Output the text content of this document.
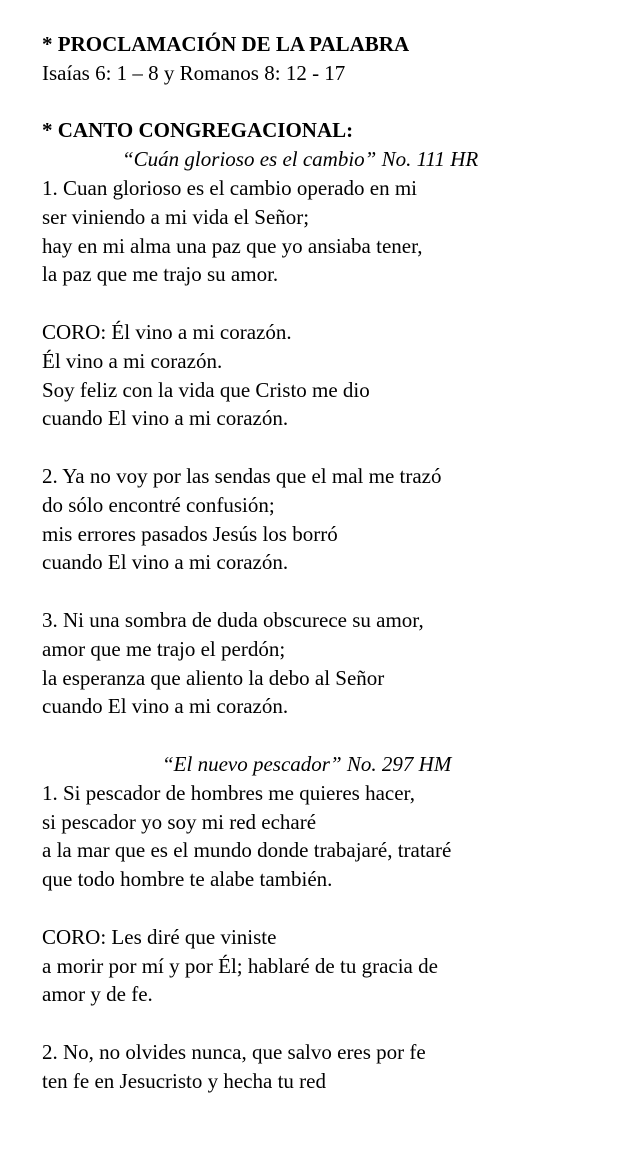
* PROCLAMACIÓN DE LA PALABRA
Isaías 6: 1 – 8 y Romanos 8: 12 - 17
* CANTO CONGREGACIONAL:
“Cuán glorioso es el cambio” No. 111 HR
1. Cuan glorioso es el cambio operado en mi
ser viniendo a mi vida el Señor;
hay en mi alma una paz que yo ansiaba tener,
la paz que me trajo su amor.
CORO: Él vino a mi corazón.
Él vino a mi corazón.
Soy feliz con la vida que Cristo me dio
cuando El vino a mi corazón.
2. Ya no voy por las sendas que el mal me trazó
do sólo encontré confusión;
mis errores pasados Jesús los borró
cuando El vino a mi corazón.
3. Ni una sombra de duda obscurece su amor,
amor que me trajo el perdón;
la esperanza que aliento la debo al Señor
cuando El vino a mi corazón.
“El nuevo pescador” No. 297 HM
1. Si pescador de hombres me quieres hacer,
si pescador yo soy mi red echaré
a la mar que es el mundo donde trabajaré, trataré
que todo hombre te alabe también.
CORO: Les diré que viniste
a morir por mí y por Él; hablaré de tu gracia de
amor y de fe.
2. No, no olvides nunca, que salvo eres por fe
ten fe en Jesucristo y hecha tu red
